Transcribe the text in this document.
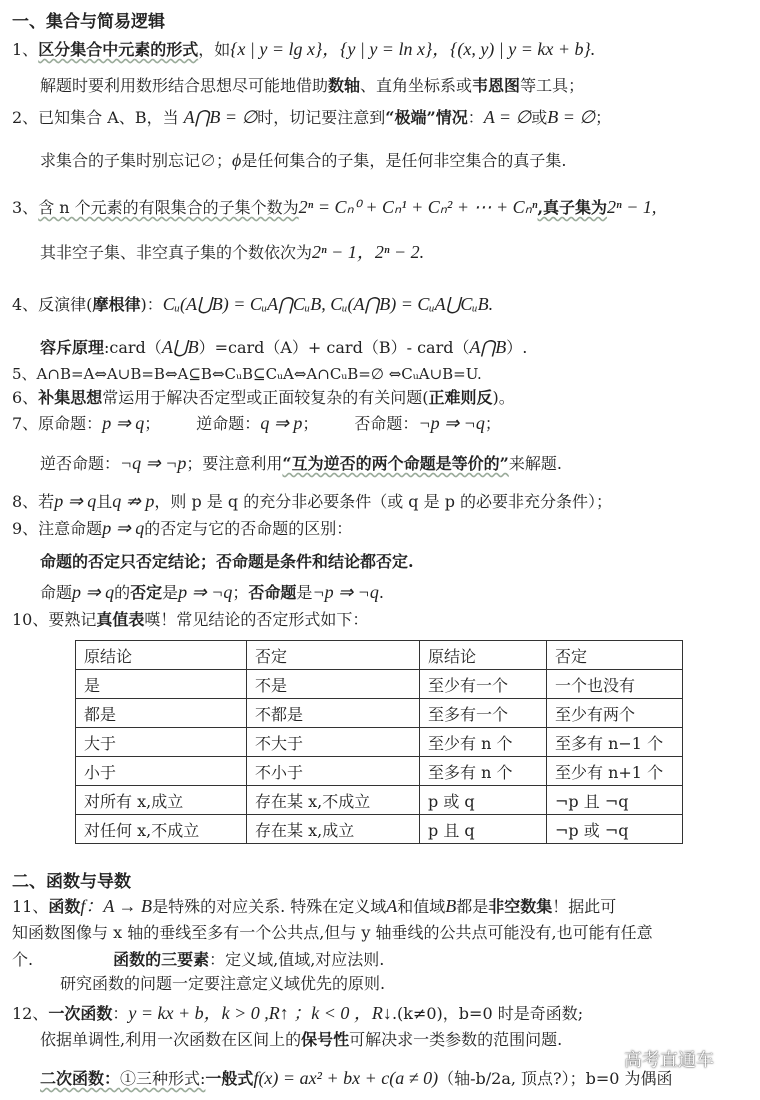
一、集合与简易逻辑
1、区分集合中元素的形式，如{x | y = lg x}，{y | y = ln x}，{(x, y) | y = kx + b}.
解题时要利用数形结合思想尽可能地借助数轴、直角坐标系或韦恩图等工具；
2、已知集合 A、B，当 A⋂B = ∅时，切记要注意到“极端”情况：A = ∅或B = ∅；
求集合的子集时别忘记∅；ϕ是任何集合的子集，是任何非空集合的真子集.
3、含 n 个元素的有限集合的子集个数为2ⁿ = Cₙ⁰ + Cₙ¹ + Cₙ² + ⋯ + Cₙⁿ,真子集为2ⁿ − 1,
其非空子集、非空真子集的个数依次为2ⁿ − 1，2ⁿ − 2.
4、反演律(摩根律)：Cᵤ(A⋃B) = CᵤA⋂CᵤB, Cᵤ(A⋂B) = CᵤA⋃CᵤB.
容斥原理:card（A⋃B）=card（A）+ card（B）- card（A⋂B）.
5、A∩B=A⇔A∪B=B⇔A⊆B⇔CᵤB⊆CᵤA⇔A∩CᵤB=∅ ⇔CᵤA∪B=U.
6、补集思想常运用于解决否定型或正面较复杂的有关问题(正难则反)。
7、原命题：p ⇒ q； 逆命题：q ⇒ p； 否命题：¬p ⇒ ¬q；
逆否命题：¬q ⇒ ¬p；要注意利用“互为逆否的两个命题是等价的”来解题.
8、若p ⇒ q且q ⇏ p，则 p 是 q 的充分非必要条件（或 q 是 p 的必要非充分条件）；
9、注意命题p ⇒ q的否定与它的否命题的区别：
命题的否定只否定结论；否命题是条件和结论都否定.
命题p ⇒ q的否定是p ⇒ ¬q；否命题是¬p ⇒ ¬q.
10、要熟记真值表嘆！常见结论的否定形式如下：
原结论	否定	原结论	否定
是	不是	至少有一个	一个也没有
都是	不都是	至多有一个	至少有两个
大于	不大于	至少有 n 个	至多有 n−1 个
小于	不小于	至多有 n 个	至少有 n+1 个
对所有 x,成立	存在某 x,不成立	p 或 q	¬p 且 ¬q
对任何 x,不成立	存在某 x,成立	p 且 q	¬p 或 ¬q
二、函数与导数
11、函数f：A → B是特殊的对应关系. 特殊在定义域A和值域B都是非空数集！据此可
知函数图像与 x 轴的垂线至多有一个公共点,但与 y 轴垂线的公共点可能没有,也可能有任意
个.	函数的三要素：定义域,值域,对应法则.
研究函数的问题一定要注意定义域优先的原则.
12、一次函数：y = kx + b，k > 0 ,R↑ ；k < 0 ，R↓.(k≠0)，b=0 时是奇函数;
依据单调性,利用一次函数在区间上的保号性可解决求一类参数的范围问题.
二次函数：①三种形式:一般式f(x) = ax² + bx + c(a ≠ 0)（轴-b/2a, 顶点?）；b=0 为偶函
高考直通车
